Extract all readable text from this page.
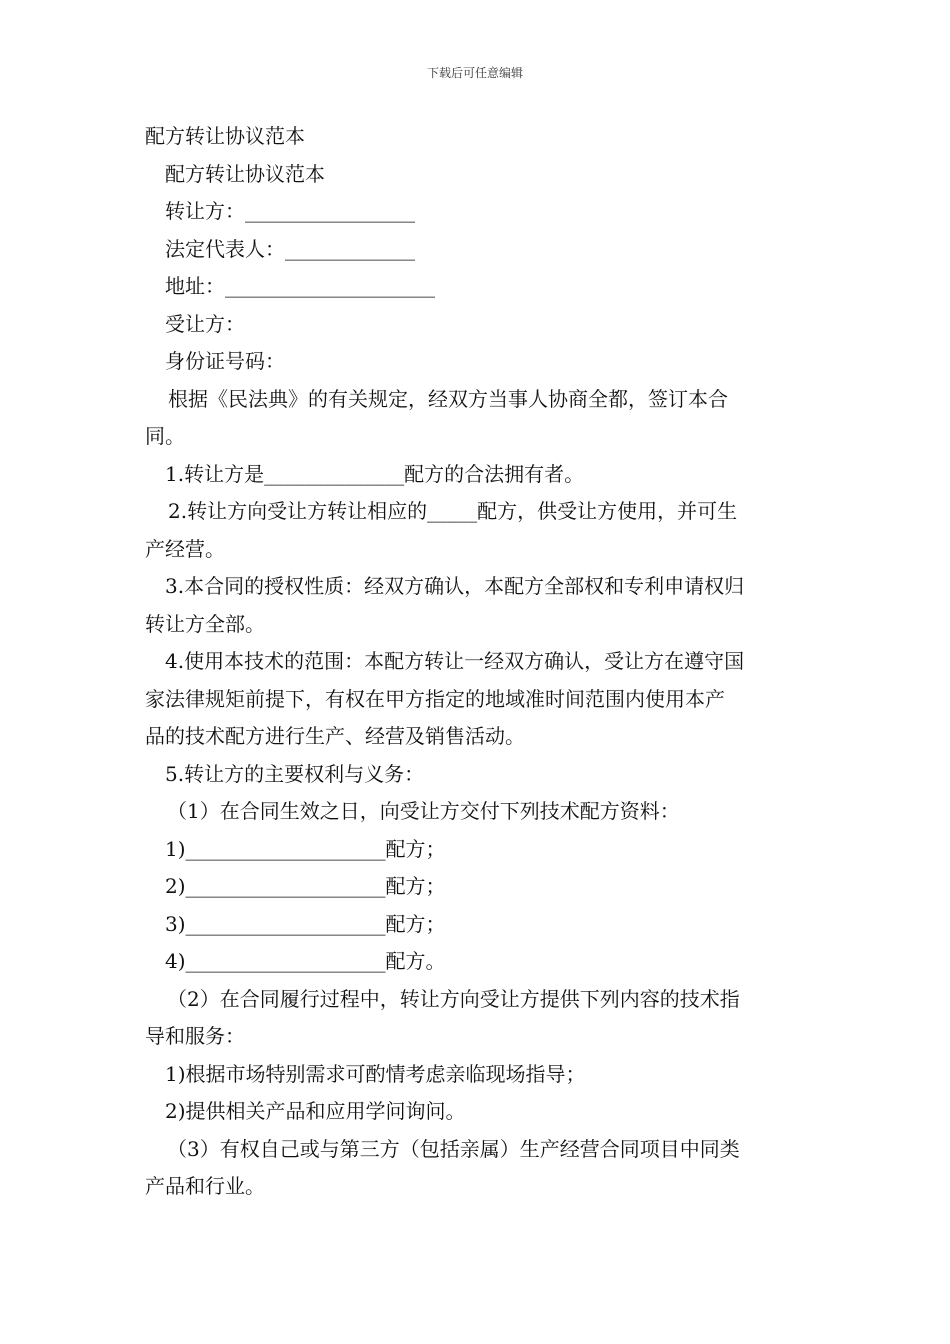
下载后可任意编辑
配方转让协议范本
配方转让协议范本
转让方：_________________
法定代表人：_____________
地址：_____________________
受让方：
身份证号码：
根据《民法典》的有关规定，经双方当事人协商全都，签订本合
同。
1.转让方是______________配方的合法拥有者。
2.转让方向受让方转让相应的_____配方，供受让方使用，并可生
产经营。
3.本合同的授权性质：经双方确认，本配方全部权和专利申请权归
转让方全部。
4.使用本技术的范围：本配方转让一经双方确认，受让方在遵守国
家法律规矩前提下，有权在甲方指定的地域准时间范围内使用本产
品的技术配方进行生产、经营及销售活动。
5.转让方的主要权利与义务：
（1）在合同生效之日，向受让方交付下列技术配方资料：
1)____________________配方；
2)____________________配方；
3)____________________配方；
4)____________________配方。
（2）在合同履行过程中，转让方向受让方提供下列内容的技术指
导和服务：
1)根据市场特别需求可酌情考虑亲临现场指导；
2)提供相关产品和应用学问询问。
（3）有权自己或与第三方（包括亲属）生产经营合同项目中同类
产品和行业。
